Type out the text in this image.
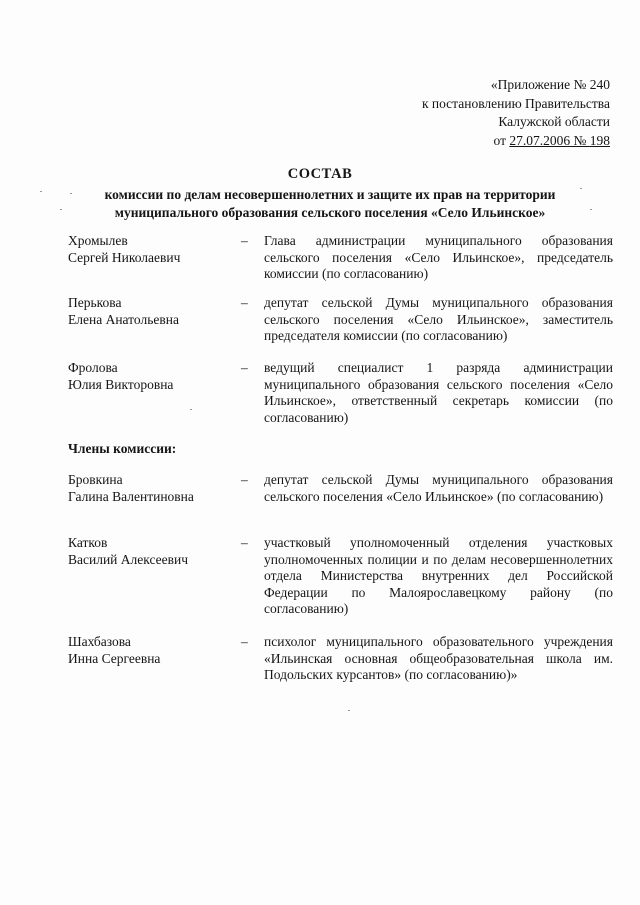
«Приложение № 240
к постановлению Правительства
Калужской области
от 27.07.2006 № 198
СОСТАВ
комиссии по делам несовершеннолетних и защите их прав на территории муниципального образования сельского поселения «Село Ильинское»
Хромылев
Сергей Николаевич
–	Глава администрации муниципального образования сельского поселения «Село Ильинское», председатель комиссии (по согласованию)
Перькова
Елена Анатольевна
–	депутат сельской Думы муниципального образования сельского поселения «Село Ильинское», заместитель председателя комиссии (по согласованию)
Фролова
Юлия Викторовна
–	ведущий специалист 1 разряда администрации муниципального образования сельского поселения «Село Ильинское», ответственный секретарь комиссии (по согласованию)
Члены комиссии:
Бровкина
Галина Валентиновна
–	депутат сельской Думы муниципального образования сельского поселения «Село Ильинское» (по согласованию)
Катков
Василий Алексеевич
–	участковый уполномоченный отделения участковых уполномоченных полиции и по делам несовершеннолетних отдела Министерства внутренних дел Российской Федерации по Малоярославецкому району (по согласованию)
Шахбазова
Инна Сергеевна
–	психолог муниципального образовательного учреждения «Ильинская основная общеобразовательная школа им. Подольских курсантов» (по согласованию)»
